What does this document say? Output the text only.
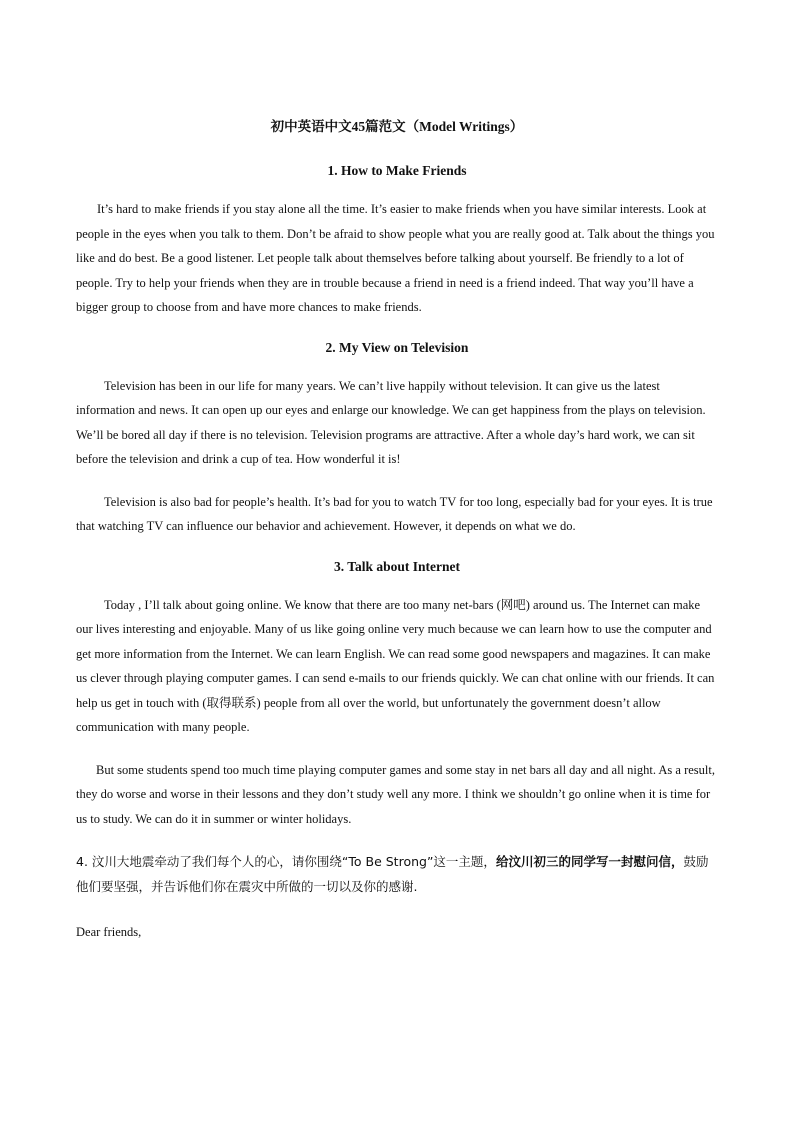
初中英语中文45篇范文（Model Writings）
1. How to Make Friends

It’s hard to make friends if you stay alone all the time. It’s easier to make friends when you have similar interests. Look at people in the eyes when you talk to them. Don’t be afraid to show people what you are really good at. Talk about the things you like and do best. Be a good listener. Let people talk about themselves before talking about yourself. Be friendly to a lot of people. Try to help your friends when they are in trouble because a friend in need is a friend indeed. That way you’ll have a bigger group to choose from and have more chances to make friends.

2. My View on Television

Television has been in our life for many years. We can’t live happily without television. It can give us the latest information and news. It can open up our eyes and enlarge our knowledge. We can get happiness from the plays on television. We’ll be bored all day if there is no television. Television programs are attractive. After a whole day’s hard work, we can sit before the television and drink a cup of tea. How wonderful it is!

Television is also bad for people’s health. It’s bad for you to watch TV for too long, especially bad for your eyes. It is true that watching TV can influence our behavior and achievement. However, it depends on what we do.

3. Talk about Internet

Today , I’ll talk about going online. We know that there are too many net-bars (网吧) around us. The Internet can make our lives interesting and enjoyable. Many of us like going online very much because we can learn how to use the computer and get more information from the Internet. We can learn English. We can read some good newspapers and magazines. It can make us clever through playing computer games. I can send e-mails to our friends quickly. We can chat online with our friends. It can help us get in touch with (取得联系) people from all over the world, but unfortunately the government doesn’t allow communication with many people.

But some students spend too much time playing computer games and some stay in net bars all day and all night. As a result, they do worse and worse in their lessons and they don’t study well any more. I think we shouldn’t go online when it is time for us to study. We can do it in summer or winter holidays.

4. 汶川大地震牵动了我们每个人的心，请你围绕“To Be Strong”这一主题，给汶川初三的同学写一封慰问信，鼓励他们要坚强，并告诉他们你在震灾中所做的一切以及你的感谢.

Dear friends,
